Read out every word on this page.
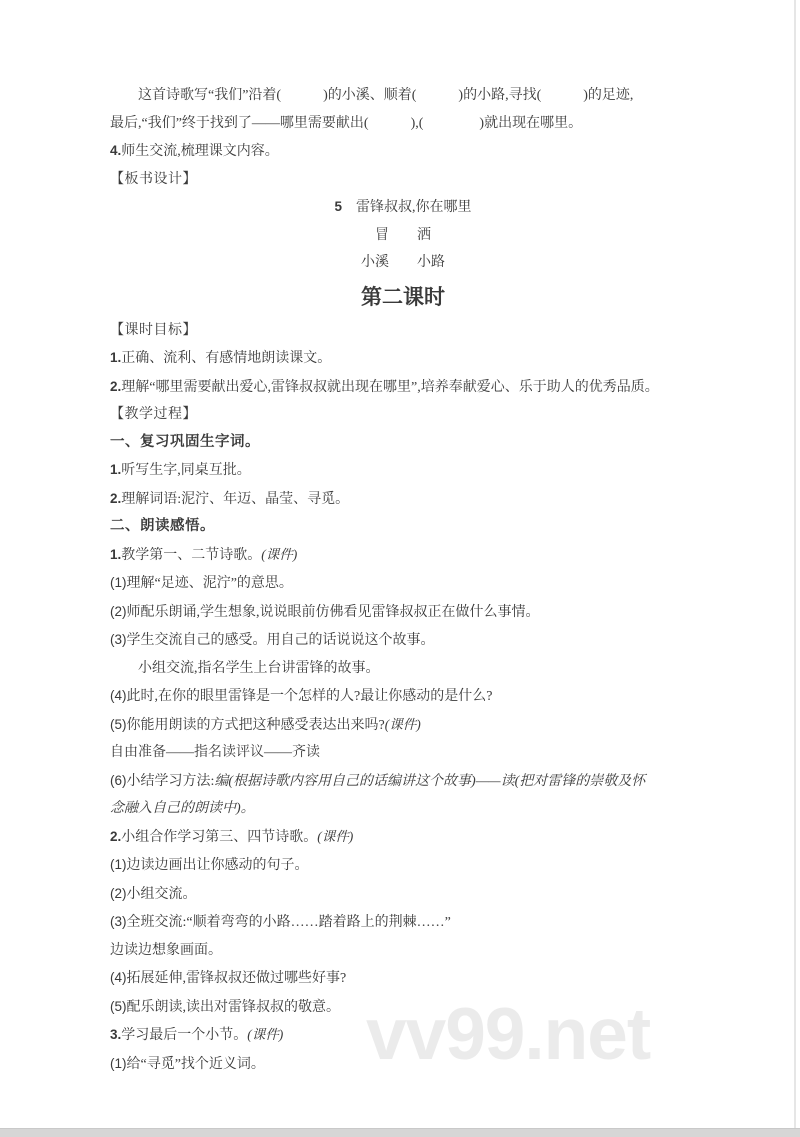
vv99.net
这首诗歌写“我们”沿着(　　　)的小溪、顺着(　　　)的小路,寻找(　　　)的足迹,
最后,“我们”终于找到了——哪里需要献出(　　　),(　　　　)就出现在哪里。
4.师生交流,梳理课文内容。
【板书设计】
5　雷锋叔叔,你在哪里
冒　　洒
小溪　　小路
第二课时
【课时目标】
1.正确、流利、有感情地朗读课文。
2.理解“哪里需要献出爱心,雷锋叔叔就出现在哪里”,培养奉献爱心、乐于助人的优秀品质。
【教学过程】
一、复习巩固生字词。
1.听写生字,同桌互批。
2.理解词语:泥泞、年迈、晶莹、寻觅。
二、朗读感悟。
1.教学第一、二节诗歌。(课件)
(1)理解“足迹、泥泞”的意思。
(2)师配乐朗诵,学生想象,说说眼前仿佛看见雷锋叔叔正在做什么事情。
(3)学生交流自己的感受。用自己的话说说这个故事。
小组交流,指名学生上台讲雷锋的故事。
(4)此时,在你的眼里雷锋是一个怎样的人?最让你感动的是什么?
(5)你能用朗读的方式把这种感受表达出来吗?(课件)
自由准备——指名读评议——齐读
(6)小结学习方法:编(根据诗歌内容用自己的话编讲这个故事)——读(把对雷锋的崇敬及怀
念融入自己的朗读中)。
2.小组合作学习第三、四节诗歌。(课件)
(1)边读边画出让你感动的句子。
(2)小组交流。
(3)全班交流:“顺着弯弯的小路……踏着路上的荆棘……”
边读边想象画面。
(4)拓展延伸,雷锋叔叔还做过哪些好事?
(5)配乐朗读,读出对雷锋叔叔的敬意。
3.学习最后一个小节。(课件)
(1)给“寻觅”找个近义词。
